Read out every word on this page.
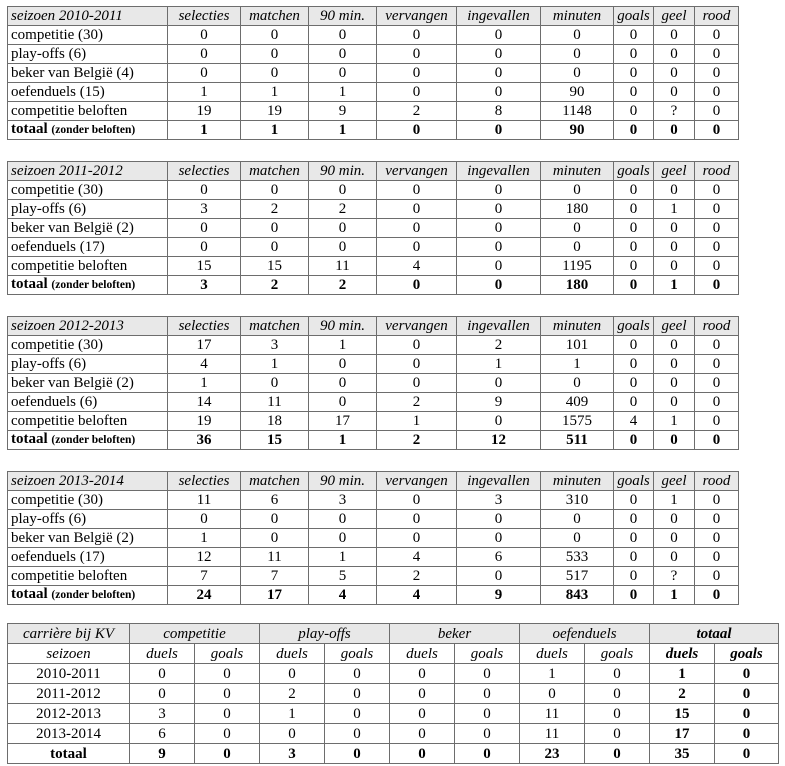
seizoen 2010-2011	selecties	matchen	90 min.	vervangen	ingevallen	minuten	goals	geel	rood
competitie (30)	0	0	0	0	0	0	0	0	0
play-offs (6)	0	0	0	0	0	0	0	0	0
beker van België (4)	0	0	0	0	0	0	0	0	0
oefenduels (15)	1	1	1	0	0	90	0	0	0
competitie beloften	19	19	9	2	8	1148	0	?	0
totaal (zonder beloften)	1	1	1	0	0	90	0	0	0
seizoen 2011-2012	selecties	matchen	90 min.	vervangen	ingevallen	minuten	goals	geel	rood
competitie (30)	0	0	0	0	0	0	0	0	0
play-offs (6)	3	2	2	0	0	180	0	1	0
beker van België (2)	0	0	0	0	0	0	0	0	0
oefenduels (17)	0	0	0	0	0	0	0	0	0
competitie beloften	15	15	11	4	0	1195	0	0	0
totaal (zonder beloften)	3	2	2	0	0	180	0	1	0
seizoen 2012-2013	selecties	matchen	90 min.	vervangen	ingevallen	minuten	goals	geel	rood
competitie (30)	17	3	1	0	2	101	0	0	0
play-offs (6)	4	1	0	0	1	1	0	0	0
beker van België (2)	1	0	0	0	0	0	0	0	0
oefenduels (6)	14	11	0	2	9	409	0	0	0
competitie beloften	19	18	17	1	0	1575	4	1	0
totaal (zonder beloften)	36	15	1	2	12	511	0	0	0
seizoen 2013-2014	selecties	matchen	90 min.	vervangen	ingevallen	minuten	goals	geel	rood
competitie (30)	11	6	3	0	3	310	0	1	0
play-offs (6)	0	0	0	0	0	0	0	0	0
beker van België (2)	1	0	0	0	0	0	0	0	0
oefenduels (17)	12	11	1	4	6	533	0	0	0
competitie beloften	7	7	5	2	0	517	0	?	0
totaal (zonder beloften)	24	17	4	4	9	843	0	1	0
carrière bij KV	competitie		play-offs		beker		oefenduels		totaal	
seizoen	duels	goals	duels	goals	duels	goals	duels	goals	duels	goals
2010-2011	0	0	0	0	0	0	1	0	1	0
2011-2012	0	0	2	0	0	0	0	0	2	0
2012-2013	3	0	1	0	0	0	11	0	15	0
2013-2014	6	0	0	0	0	0	11	0	17	0
totaal	9	0	3	0	0	0	23	0	35	0
